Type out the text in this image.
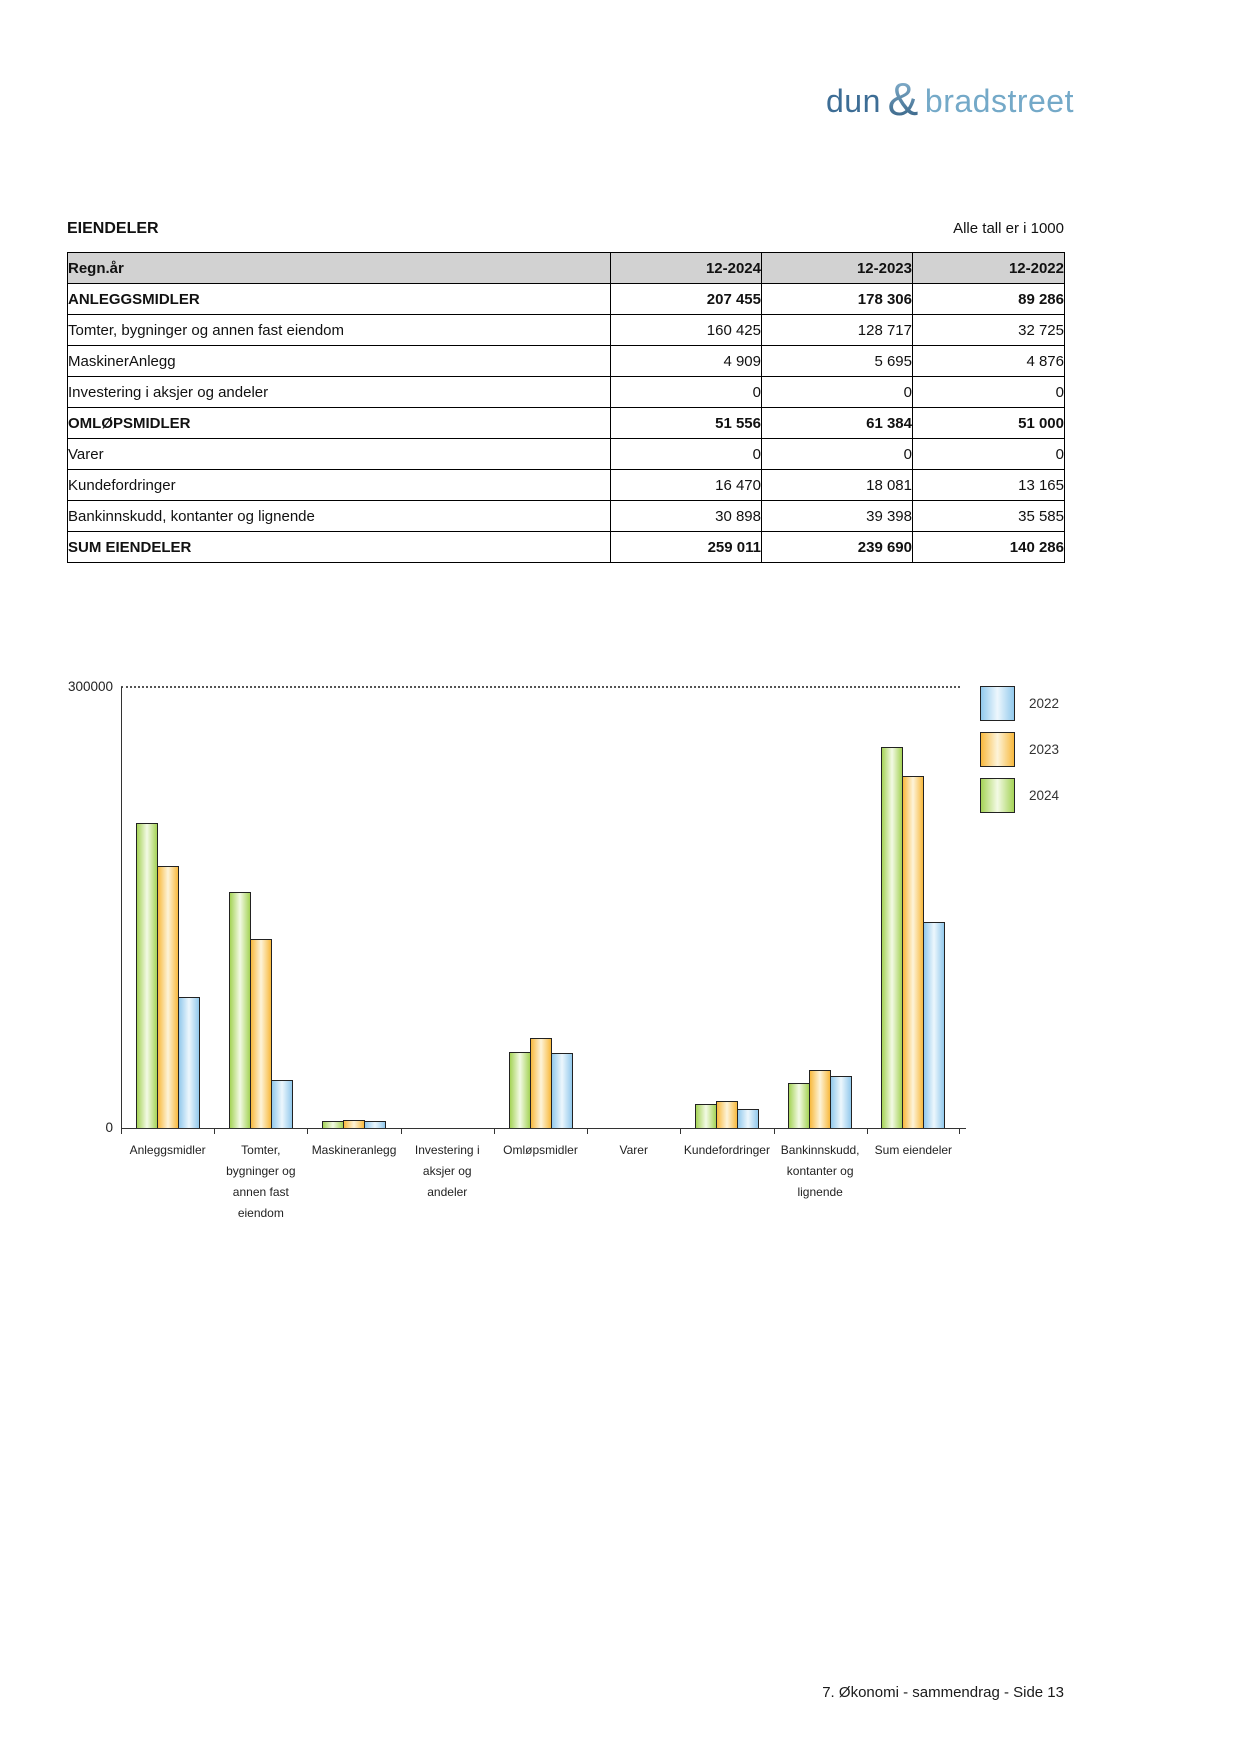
dun & bradstreet
EIENDELER	Alle tall er i 1000
Regn.år	12-2024	12-2023	12-2022
ANLEGGSMIDLER	207 455	178 306	89 286
Tomter, bygninger og annen fast eiendom	160 425	128 717	32 725
MaskinerAnlegg	4 909	5 695	4 876
Investering i aksjer og andeler	0	0	0
OMLØPSMIDLER	51 556	61 384	51 000
Varer	0	0	0
Kundefordringer	16 470	18 081	13 165
Bankinnskudd, kontanter og lignende	30 898	39 398	35 585
SUM EIENDELER	259 011	239 690	140 286
300000
0
Anleggsmidler	Tomter,
bygninger og
annen fast
eiendom
Maskineranlegg	Investering i
aksjer og
andeler
Omløpsmidler	Varer	Kundefordringer Bankinnskudd,
kontanter og
lignende
Sum eiendeler
2022
2023
2024
7. Økonomi - sammendrag - Side 13
